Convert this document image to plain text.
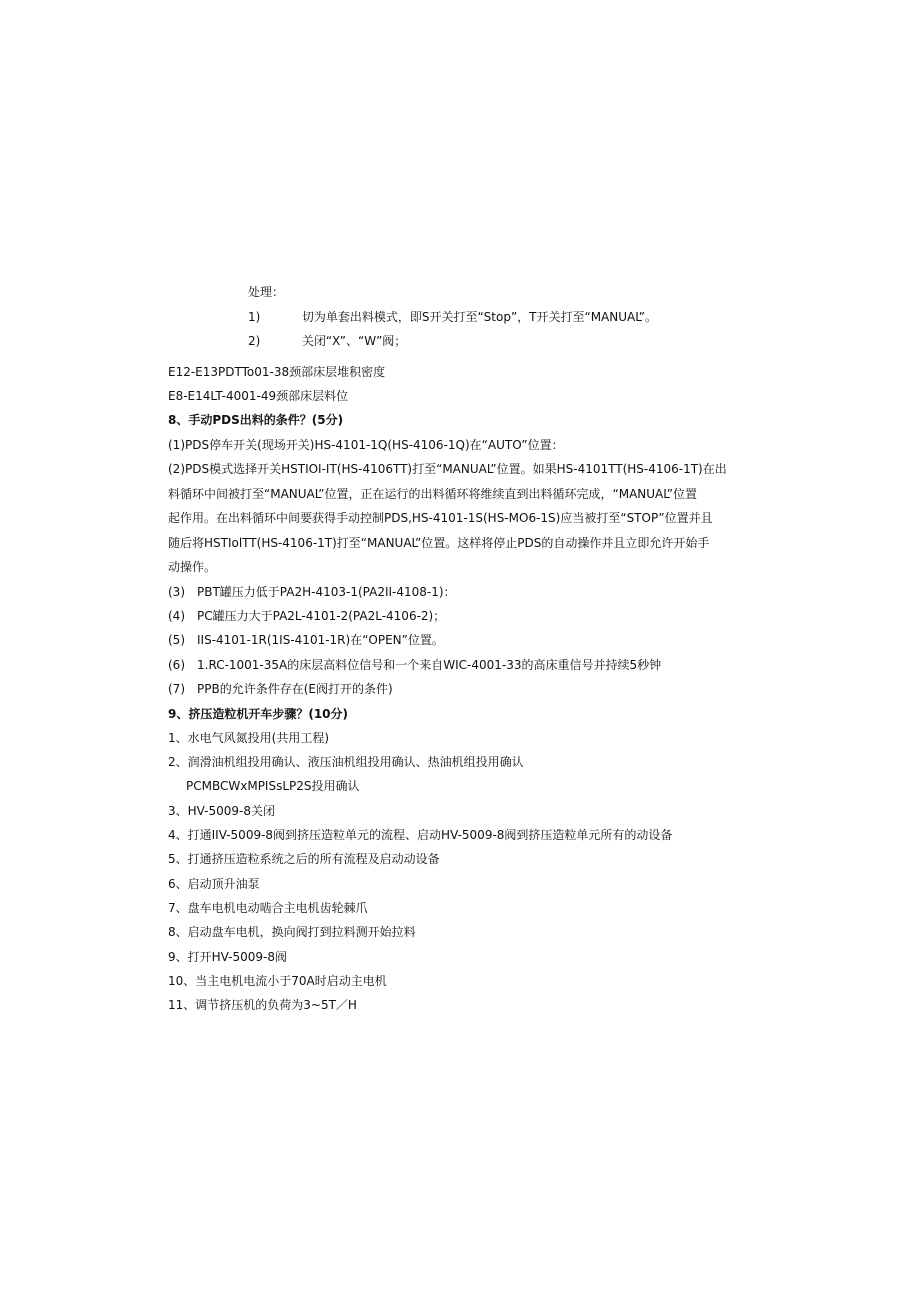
处理：
1)	切为单套出料模式，即S开关打至“Stop”，T开关打至“MANUAL”。
2)	关闭“X”、“W”阀；
E12-E13PDTTo01-38颈部床层堆积密度
E8-E14LT-4001-49颈部床层料位
8、手动PDS出料的条件？(5分)
(1)PDS停车开关(现场开关)HS-4101-1Q(HS-4106-1Q)在“AUTO”位置：
(2)PDS模式选择开关HSTIOI-IT(HS-4106TT)打至“MANUAL”位置。如果HS-4101TT(HS-4106-1T)在出
料循环中间被打至“MANUAL”位置，正在运行的出料循环将维续直到出料循环完成，“MANUAL”位置
起作用。在出料循环中间要获得手动控制PDS,HS-4101-1S(HS-MO6-1S)应当被打至“STOP”位置并且
随后将HSTIolTT(HS-4106-1T)打至“MANUAL”位置。这样将停止PDS的自动操作并且立即允许开始手
动操作。
(3)　PBT罐压力低于PA2H-4103-1(PA2II-4108-1)：
(4)　PC罐压力大于PA2L-4101-2(PA2L-4106-2)；
(5)　IIS-4101-1R(1IS-4101-1R)在“OPEN”位置。
(6)　1.RC-1001-35A的床层高料位信号和一个来自WIC-4001-33的高床重信号并持续5秒钟
(7)　PPB的允许条件存在(E阀打开的条件)
9、挤压造粒机开车步骤？(10分)
1、水电气风氮投用(共用工程)
2、润滑油机组投用确认、液压油机组投用确认、热油机组投用确认
PCMBCWxMPISsLP2S投用确认
3、HV-5009-8关闭
4、打通IIV-5009-8阀到挤压造粒单元的流程、启动HV-5009-8阀到挤压造粒单元所有的动设备
5、打通挤压造粒系统之后的所有流程及启动动设备
6、启动顶升油泵
7、盘车电机电动啮合主电机齿轮棘爪
8、启动盘车电机，换向阀打到拉料测开始拉料
9、打开HV-5009-8阀
10、当主电机电流小于70A时启动主电机
11、调节挤压机的负荷为3~5T／H
